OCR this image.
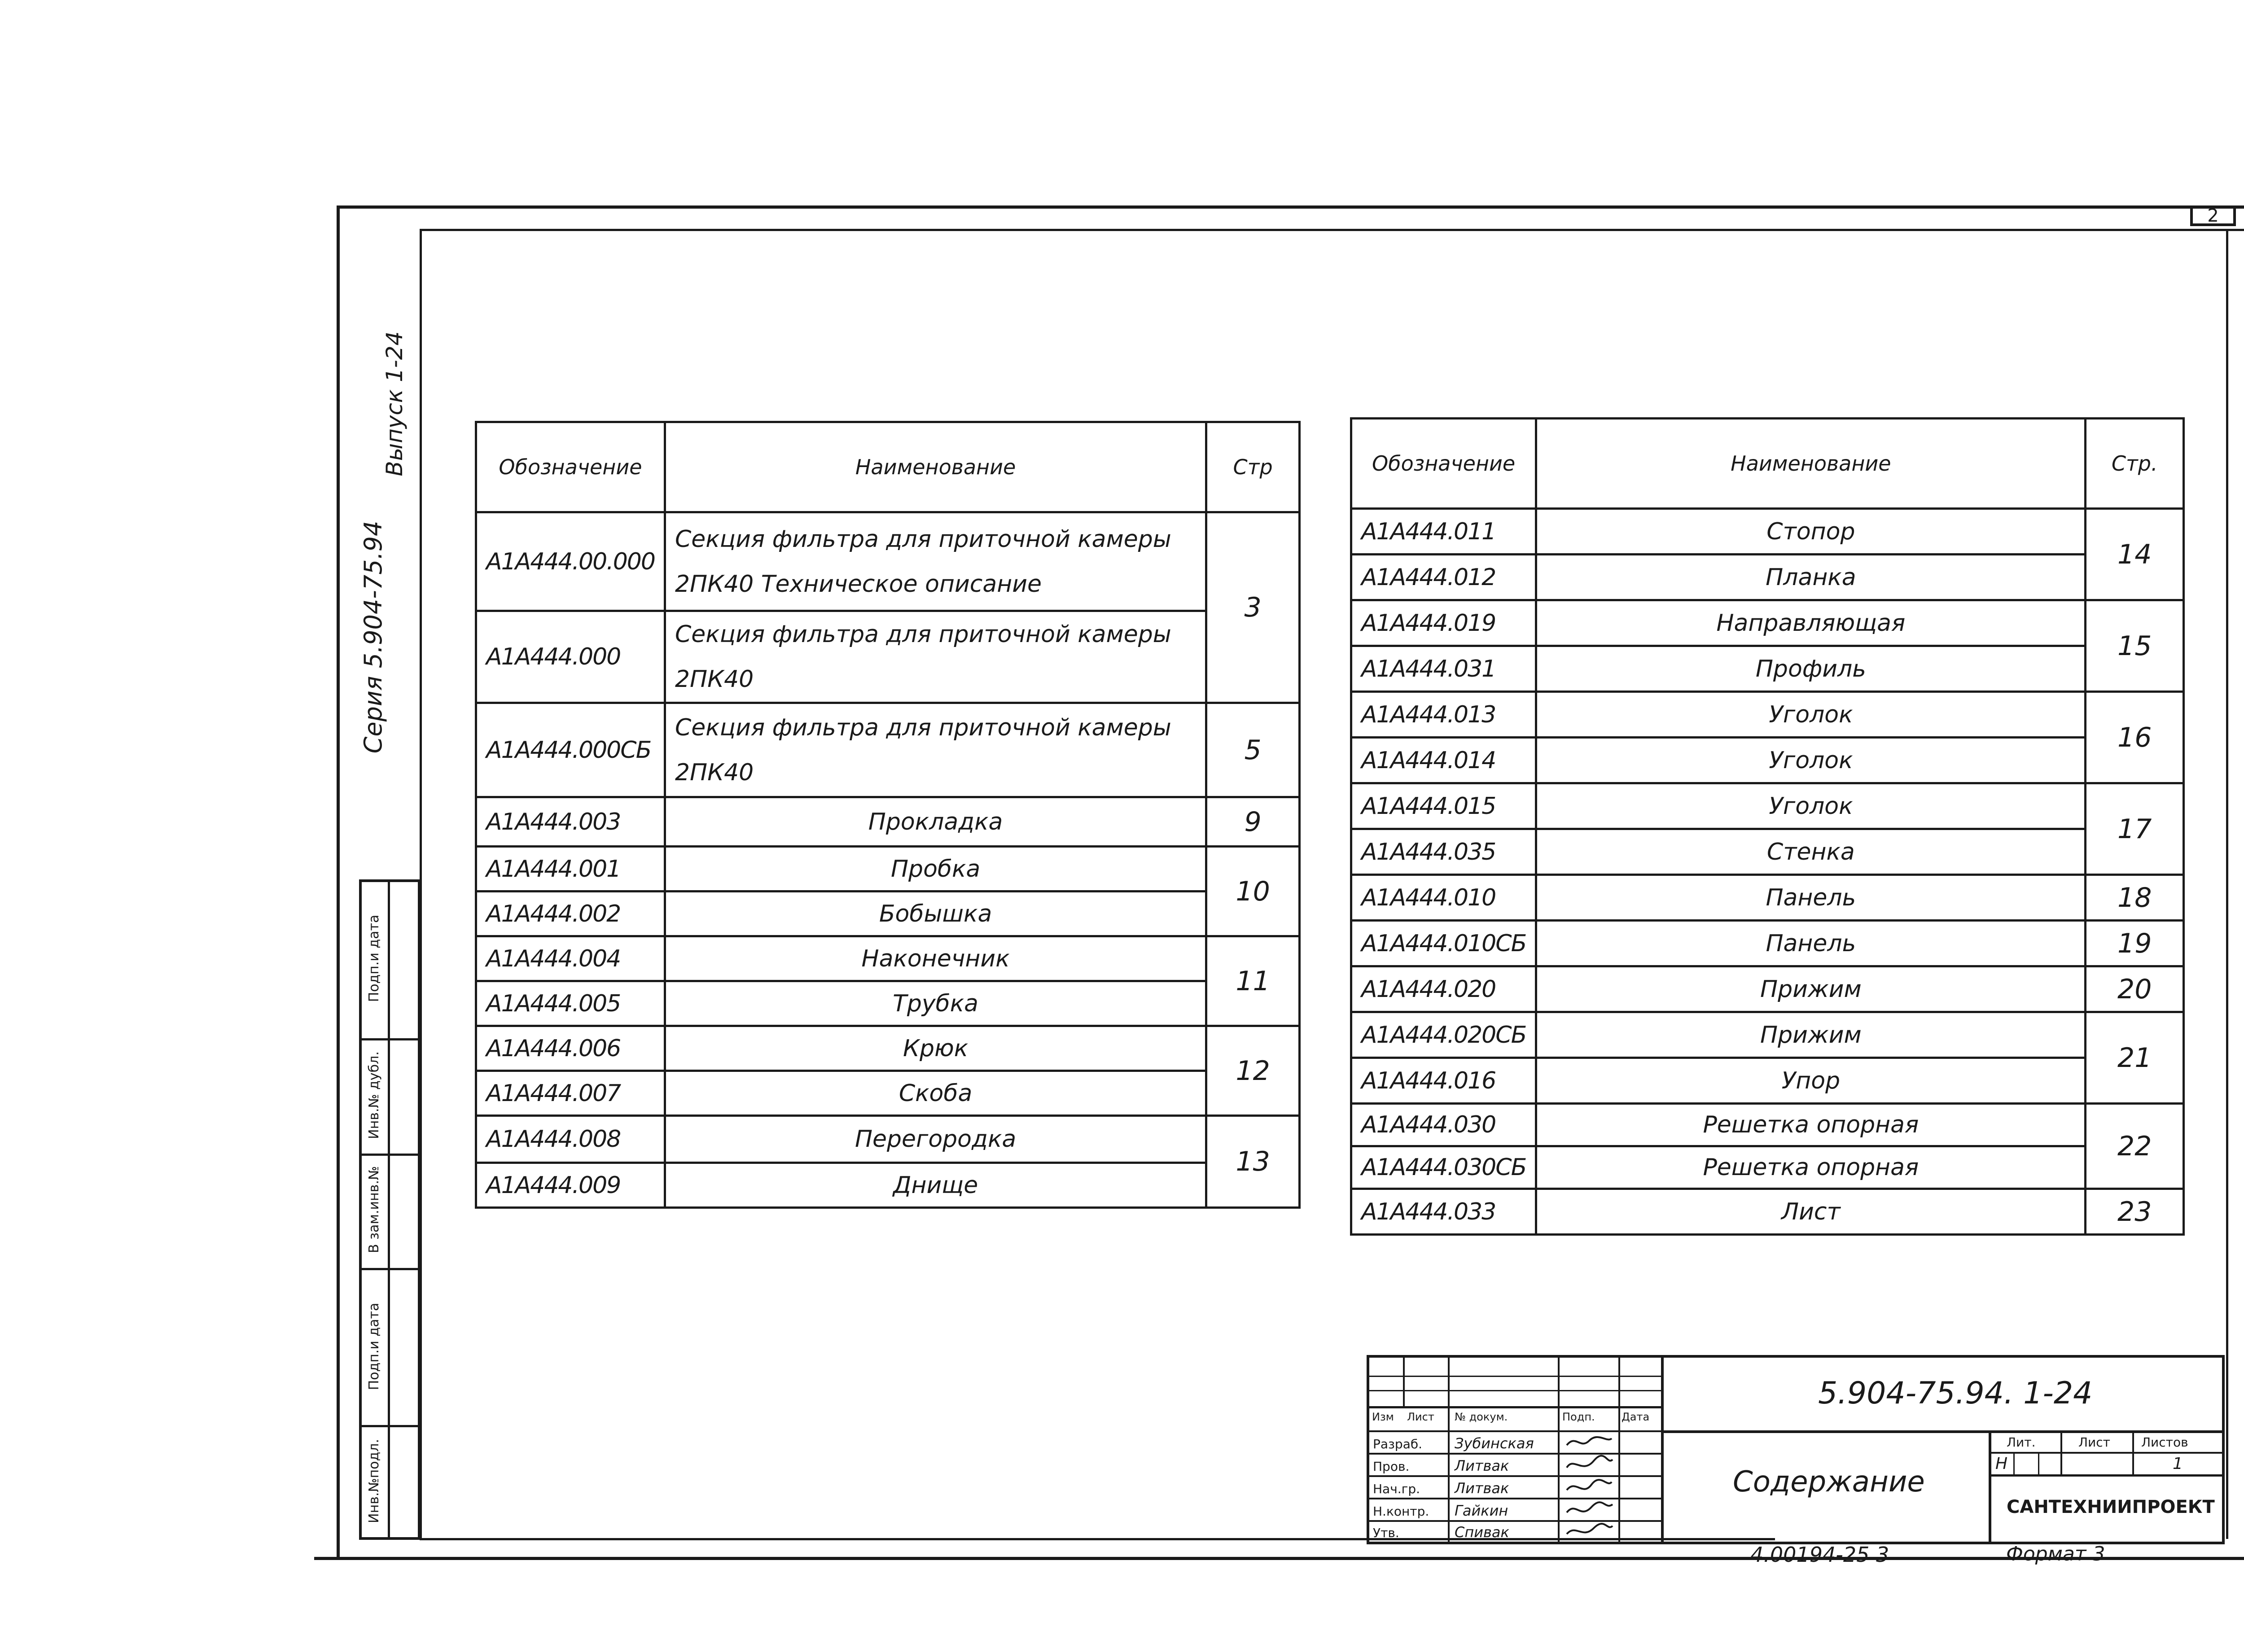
2
Серия 5.904-75.94
Выпуск 1-24
Подп.и дата
Инв.№ дубл.
В зам.инв.№
Подп.и дата
Инв.№подл.
Обозначение	Наименование	Стр
А1А444.00.000	Секция фильтра для приточной камеры 2ПК40 Техническое описание	3
А1А444.000	Секция фильтра для приточной камеры 2ПК40	
А1А444.000СБ	Секция фильтра для приточной камеры 2ПК40	5
А1А444.003	Прокладка	9
А1А444.001	Пробка	10
А1А444.002	Бобышка	
А1А444.004	Наконечник	11
А1А444.005	Трубка	
А1А444.006	Крюк	12
А1А444.007	Скоба	
А1А444.008	Перегородка	13
А1А444.009	Днище	
Обозначение	Наименование	Стр.
А1А444.011	Стопор	14
А1А444.012	Планка	
А1А444.019	Направляющая	15
А1А444.031	Профиль	
А1А444.013	Уголок	16
А1А444.014	Уголок	
А1А444.015	Уголок	17
А1А444.035	Стенка	
А1А444.010	Панель	18
А1А444.010СБ	Панель	19
А1А444.020	Прижим	20
А1А444.020СБ	Прижим	21
А1А444.016	Упор	
А1А444.030	Решетка опорная	22
А1А444.030СБ	Решетка опорная	
А1А444.033	Лист	23
Изм Лист № докум.	Подп. Дата
Разраб. Зубинская
Пров.	Литвак
Нач.гр. Литвак
Н.контр. Гайкин
Утв.	Спивак
5.904-75.94. 1-24
Содержание
Лит.	Лист Листов
Н	1
САНТЕХНИИПРОЕКТ
4.00194-25 3	Формат 3
